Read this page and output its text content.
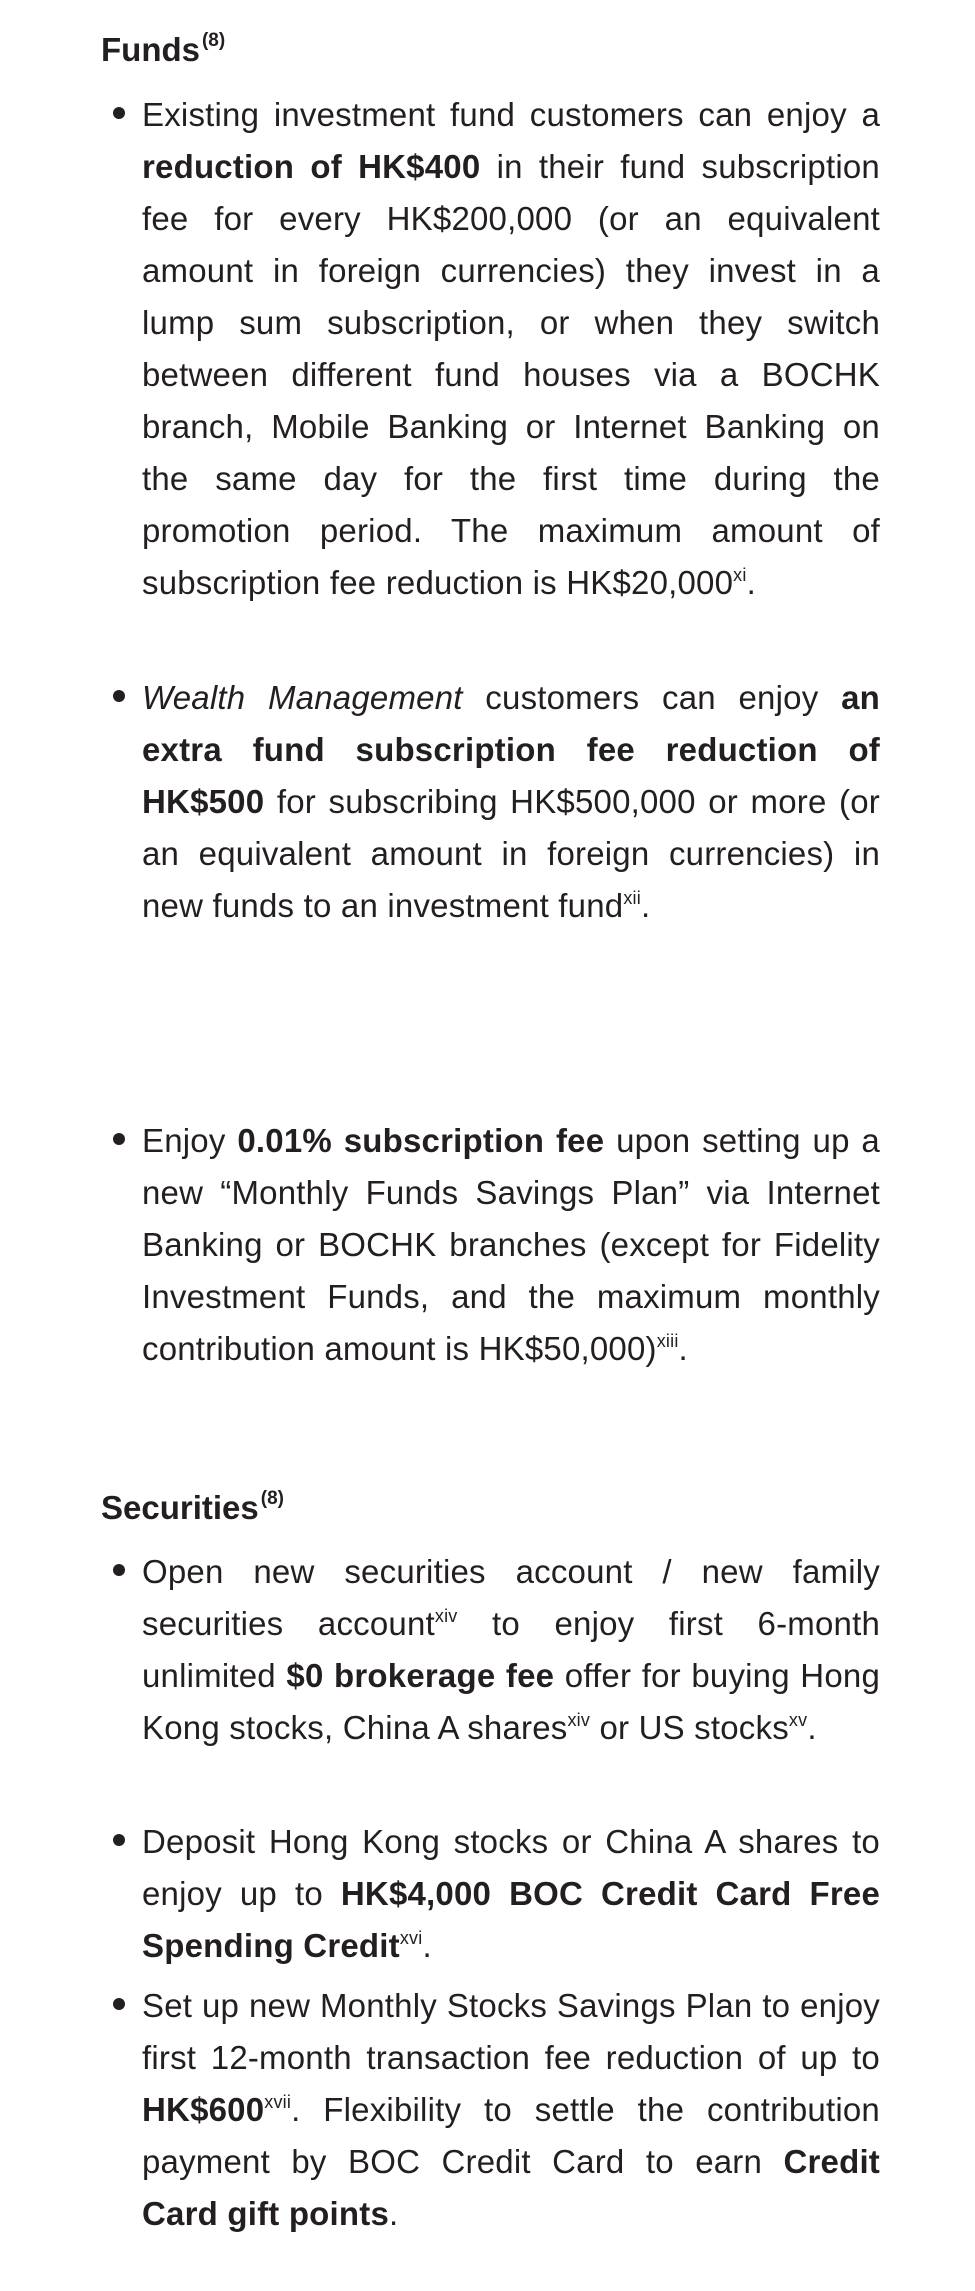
Funds $^{(8)}$
Existing investment fund customers can enjoy a reduction of HK$400 in their fund subscription fee for every HK$200,000 (or an equivalent amount in foreign currencies) they invest in a lump sum subscription, or when they switch between different fund houses via a BOCHK branch, Mobile Banking or Internet Banking on the same day for the first time during the promotion period. The maximum amount of subscription fee reduction is HK$20,000$^{xi}$.
Wealth Management customers can enjoy an extra fund subscription fee reduction of HK$500 for subscribing HK$500,000 or more (or an equivalent amount in foreign currencies) in new funds to an investment fund$^{xii}$.
Enjoy 0.01% subscription fee upon setting up a new “Monthly Funds Savings Plan” via Internet Banking or BOCHK branches (except for Fidelity Investment Funds, and the maximum monthly contribution amount is HK$50,000)$^{xiii}$.
Securities $^{(8)}$
Open new securities account / new family securities account$^{xiv}$ to enjoy first 6-month unlimited $0 brokerage fee offer for buying Hong Kong stocks, China A shares$^{xiv}$ or US stocks$^{xv}$.
Deposit Hong Kong stocks or China A shares to enjoy up to HK$4,000 BOC Credit Card Free Spending Credit$^{xvi}$.
Set up new Monthly Stocks Savings Plan to enjoy first 12-month transaction fee reduction of up to HK$600$^{xvii}$. Flexibility to settle the contribution payment by BOC Credit Card to earn Credit Card gift points.
